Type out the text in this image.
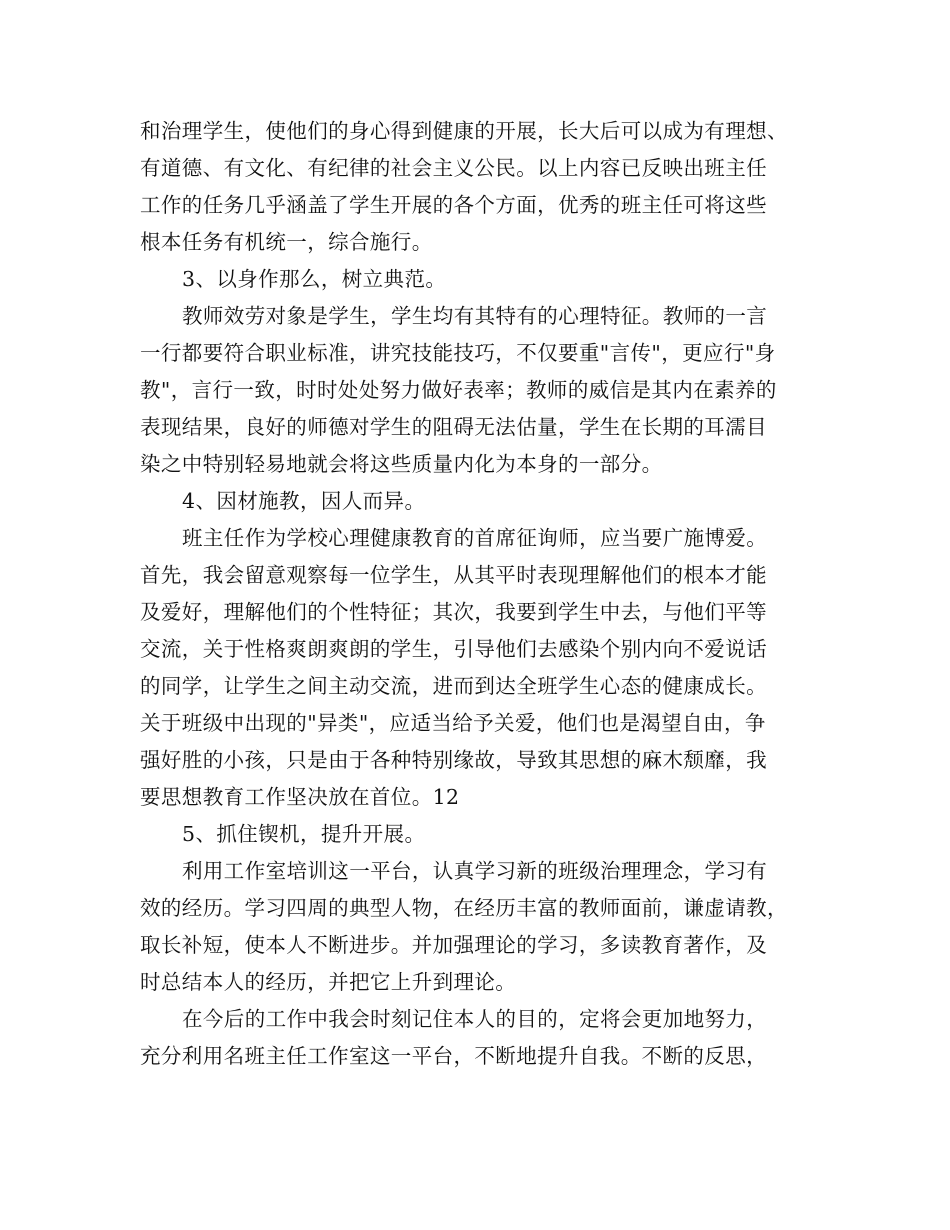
和治理学生，使他们的身心得到健康的开展，长大后可以成为有理想、
有道德、有文化、有纪律的社会主义公民。以上内容已反映出班主任
工作的任务几乎涵盖了学生开展的各个方面，优秀的班主任可将这些
根本任务有机统一，综合施行。
3、以身作那么，树立典范。
教师效劳对象是学生，学生均有其特有的心理特征。教师的一言
一行都要符合职业标准，讲究技能技巧，不仅要重"言传"，更应行"身
教"，言行一致，时时处处努力做好表率；教师的威信是其内在素养的
表现结果，良好的师德对学生的阻碍无法估量，学生在长期的耳濡目
染之中特别轻易地就会将这些质量内化为本身的一部分。
4、因材施教，因人而异。
班主任作为学校心理健康教育的首席征询师，应当要广施博爱。
首先，我会留意观察每一位学生，从其平时表现理解他们的根本才能
及爱好，理解他们的个性特征；其次，我要到学生中去，与他们平等
交流，关于性格爽朗爽朗的学生，引导他们去感染个别内向不爱说话
的同学，让学生之间主动交流，进而到达全班学生心态的健康成长。
关于班级中出现的"异类"，应适当给予关爱，他们也是渴望自由，争
强好胜的小孩，只是由于各种特别缘故，导致其思想的麻木颓靡，我
要思想教育工作坚决放在首位。12
5、抓住锲机，提升开展。
利用工作室培训这一平台，认真学习新的班级治理理念，学习有
效的经历。学习四周的典型人物，在经历丰富的教师面前，谦虚请教，
取长补短，使本人不断进步。并加强理论的学习，多读教育著作，及
时总结本人的经历，并把它上升到理论。
在今后的工作中我会时刻记住本人的目的，定将会更加地努力，
充分利用名班主任工作室这一平台，不断地提升自我。不断的反思，
